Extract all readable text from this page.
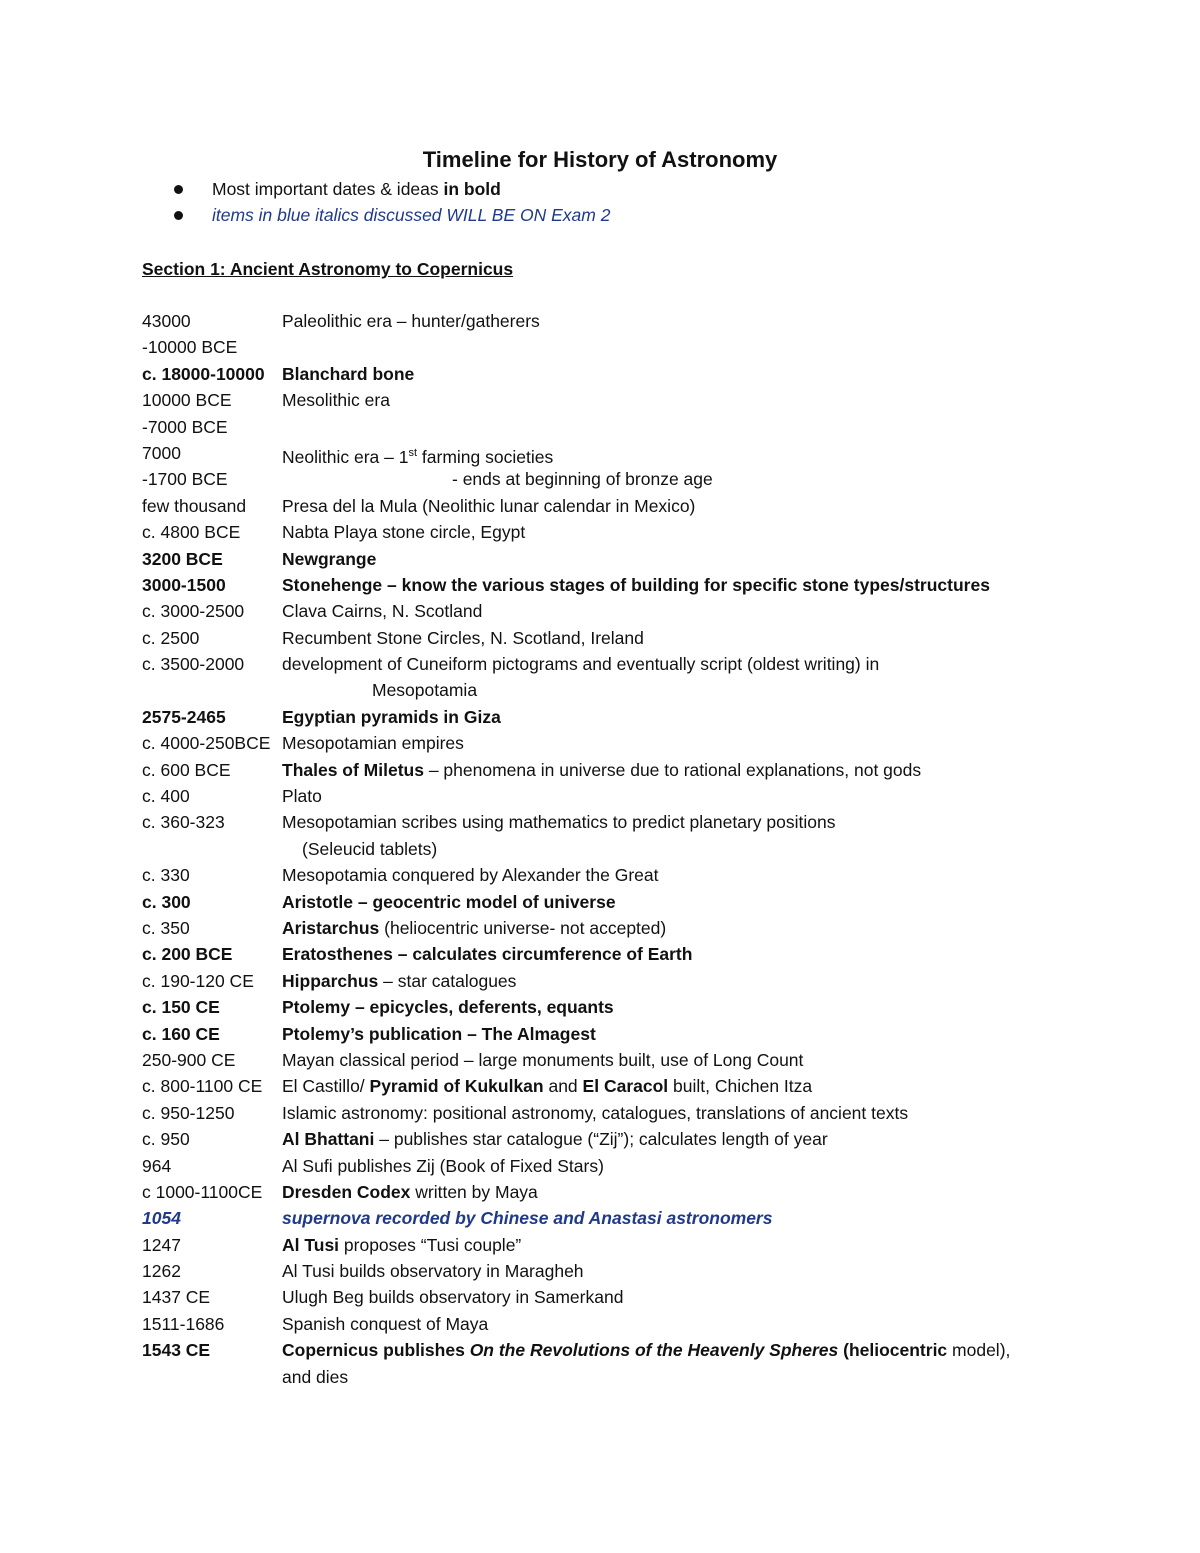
Timeline for History of Astronomy
Most important dates & ideas in bold
items in blue italics discussed WILL BE ON Exam 2
Section 1: Ancient Astronomy to Copernicus
43000	Paleolithic era – hunter/gatherers
-10000 BCE
c. 18000-10000 Blanchard bone
10000 BCE	Mesolithic era
-7000 BCE
7000	Neolithic era – 1st farming societies
-1700 BCE	- ends at beginning of bronze age
few thousand Presa del la Mula (Neolithic lunar calendar in Mexico)
c. 4800 BCE Nabta Playa stone circle, Egypt
3200 BCE	Newgrange
3000-1500	Stonehenge – know the various stages of building for specific stone types/structures
c. 3000-2500 Clava Cairns, N. Scotland
c. 2500	Recumbent Stone Circles, N. Scotland, Ireland
c. 3500-2000 development of Cuneiform pictograms and eventually script (oldest writing) in
Mesopotamia
2575-2465	Egyptian pyramids in Giza
c. 4000-250BCE Mesopotamian empires
c. 600 BCE	Thales of Miletus – phenomena in universe due to rational explanations, not gods
c. 400	Plato
c. 360-323	Mesopotamian scribes using mathematics to predict planetary positions
(Seleucid tablets)
c. 330	Mesopotamia conquered by Alexander the Great
c. 300	Aristotle – geocentric model of universe
c. 350	Aristarchus (heliocentric universe- not accepted)
c. 200 BCE	Eratosthenes – calculates circumference of Earth
c. 190-120 CE Hipparchus – star catalogues
c. 150 CE	Ptolemy – epicycles, deferents, equants
c. 160 CE	Ptolemy’s publication – The Almagest
250-900 CE	Mayan classical period – large monuments built, use of Long Count
c. 800-1100 CE El Castillo/ Pyramid of Kukulkan and El Caracol built, Chichen Itza
c. 950-1250	Islamic astronomy: positional astronomy, catalogues, translations of ancient texts
c. 950	Al Bhattani – publishes star catalogue (“Zij”); calculates length of year
964	Al Sufi publishes Zij (Book of Fixed Stars)
c 1000-1100CE Dresden Codex written by Maya
1054	supernova recorded by Chinese and Anastasi astronomers
1247	Al Tusi proposes “Tusi couple”
1262	Al Tusi builds observatory in Maragheh
1437 CE	Ulugh Beg builds observatory in Samerkand
1511-1686	Spanish conquest of Maya
1543 CE	Copernicus publishes On the Revolutions of the Heavenly Spheres (heliocentric model),
and dies
